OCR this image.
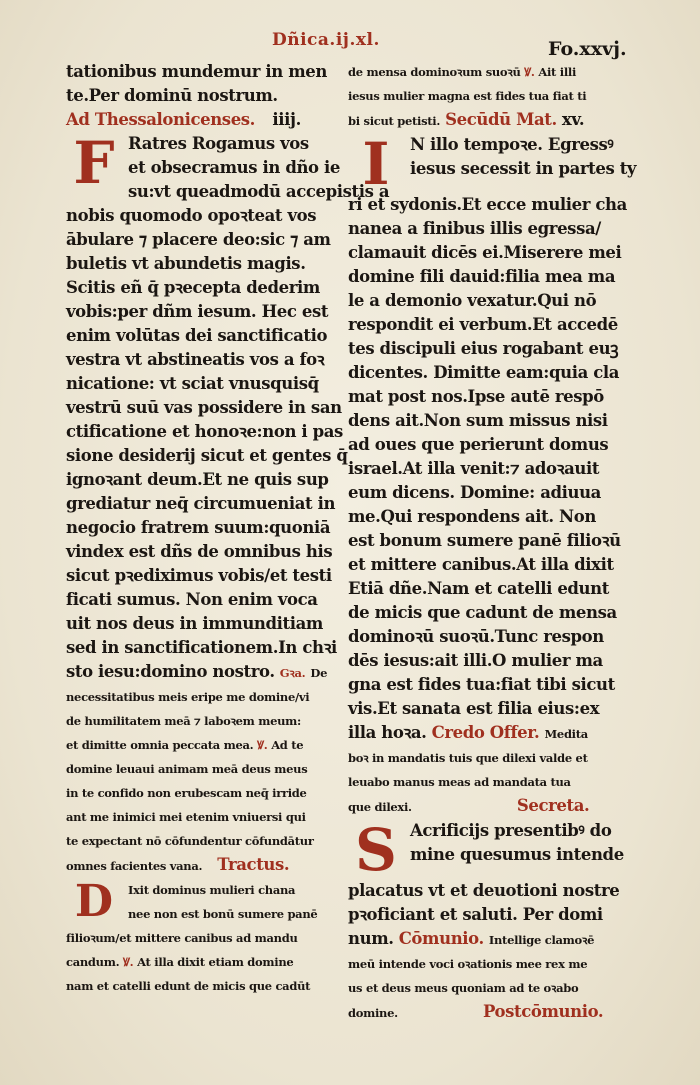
Dñica.ij.xl.	Fo.xxvj.
tationibus mundemur in men
te.Per dominū nostrum.
Ad Thessalonicenses. iiij.
F Ratres Rogamus vos
et obsecramus in dño ie
su:vt queadmodū accepistis a
nobis quomodo opoꝛteat vos
ābulare ⁊ placere deo:sic ⁊ am
buletis vt abundetis magis.
Scitis eñ q̄ pꝛecepta dederim
vobis:per dñm iesum. Hec est
enim volūtas dei sanctificatio
vestra vt abstineatis vos a foꝛ
nicatione: vt sciat vnusquisq̄
vestrū suū vas possidere in san
ctificatione et honoꝛe:non i pas
sione desiderij sicut et gentes q̄
ignoꝛant deum.Et ne quis sup
grediatur neq̄ circumueniat in
negocio fratrem suum:quoniā
vindex est dñs de omnibus his
sicut pꝛediximus vobis/et testi
ficati sumus. Non enim voca
uit nos deus in immunditiam
sed in sanctificationem.In chꝛi
sto iesu:domino nostro. Gꝛa. De
necessitatibus meis eripe me domine/vi
de humilitatem meā ⁊ laboꝛem meum:
et dimitte omnia peccata mea. Ꝟ. Ad te
domine leuaui animam meā deus meus
in te confido non erubescam neq̄ irride
ant me inimici mei etenim vniuersi qui
te expectant nō cōfundentur cōfundātur
omnes facientes vana. Tractus.
D	Ixit dominus mulieri chana
nee non est bonū sumere panē
filioꝛum/et mittere canibus ad mandu
candum. Ꝟ. At illa dixit etiam domine
nam et catelli edunt de micis que cadūt
de mensa dominoꝛum suoꝛū Ꝟ. Ait illi
iesus mulier magna est fides tua fiat ti
bi sicut petisti. Secūdū Mat. xv.
I	N illo tempoꝛe. Egressꝰ
iesus secessit in partes ty
ri et sydonis.Et ecce mulier cha
nanea a finibus illis egressa/
clamauit dicēs ei.Miserere mei
domine fili dauid:filia mea ma
le a demonio vexatur.Qui nō
respondit ei verbum.Et accedē
tes discipuli eius rogabant euꝫ
dicentes. Dimitte eam:quia cla
mat post nos.Ipse autē respō
dens ait.Non sum missus nisi
ad oues que perierunt domus
israel.At illa venit:⁊ adoꝛauit
eum dicens. Domine: adiuua
me.Qui respondens ait. Non
est bonum sumere panē filioꝛū
et mittere canibus.At illa dixit
Etiā dñe.Nam et catelli edunt
de micis que cadunt de mensa
dominoꝛū suoꝛū.Tunc respon
dēs iesus:ait illi.O mulier ma
gna est fides tua:fiat tibi sicut
vis.Et sanata est filia eius:ex
illa hoꝛa. Credo Offer. Medita
boꝛ in mandatis tuis que dilexi valde et
leuabo manus meas ad mandata tua
que dilexi.	Secreta.
S Acrificijs presentibꝰ do
mine quesumus intende
placatus vt et deuotioni nostre
pꝛoficiant et saluti. Per domi
num. Cōmunio. Intellige clamoꝛē
meū intende voci oꝛationis mee rex me
us et deus meus quoniam ad te oꝛabo
domine.	Postcōmunio.
